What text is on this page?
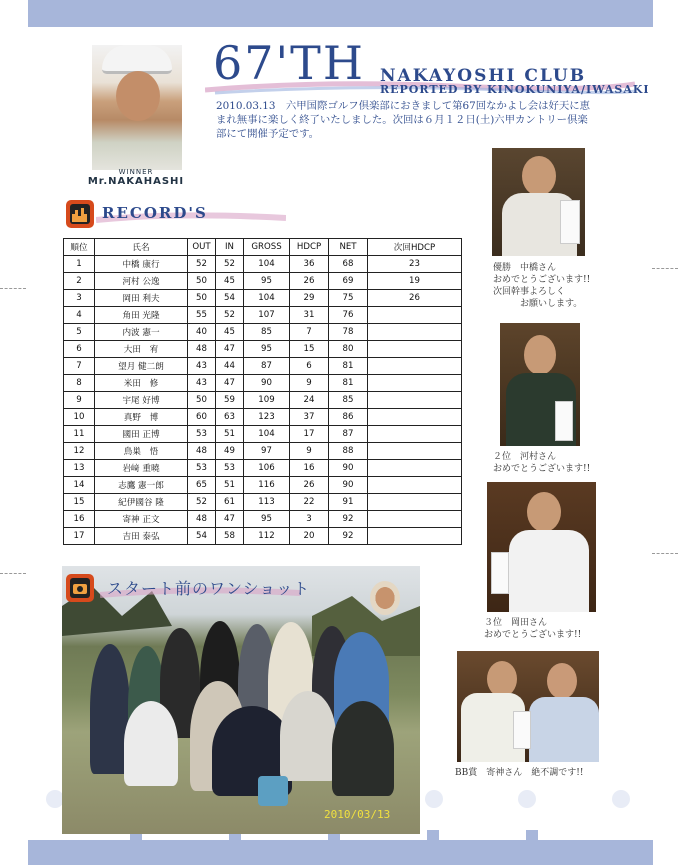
WINNER
Mr.NAKAHASHI
67'TH NAKAYOSHI CLUB
REPORTED BY KINOKUNIYA/IWASAKI
2010.03.13　六甲国際ゴルフ倶楽部におきまして第67回なかよし会は好天に恵まれ無事に楽しく終了いたしました。次回は６月１２日(土)六甲カントリー倶楽部にて開催予定です。
RECORD'S
順位	氏名	OUT	IN	GROSS	HDCP	NET	次回HDCP
1	中橋 康行	52	52	104	36	68	23
2	河村 公逸	50	45	95	26	69	19
3	岡田 利夫	50	54	104	29	75	26
4	角田 光隆	55	52	107	31	76	
5	内波 憲一	40	45	85	7	78	
6	大田　宥	48	47	95	15	80	
7	望月 健二朗	43	44	87	6	81	
8	米田　修	43	47	90	9	81	
9	宇尾 好博	50	59	109	24	85	
10	真野　博	60	63	123	37	86	
11	國田 正博	53	51	104	17	87	
12	鳥巣　悟	48	49	97	9	88	
13	岩﨑 重曉	53	53	106	16	90	
14	志鷹 憲一郎	65	51	116	26	90	
15	紀伊國谷 隆	52	61	113	22	91	
16	寄神 正文	48	47	95	3	92	
17	吉田 泰弘	54	58	112	20	92	
スタート前のワンショット
2010/03/13
優勝　中橋さん
おめでとうございます!!
次回幹事よろしく
　　　お願いします。
２位　河村さん
おめでとうございます!!
３位　岡田さん
おめでとうございます!!
BB賞　寄神さん　絶不調です!!
